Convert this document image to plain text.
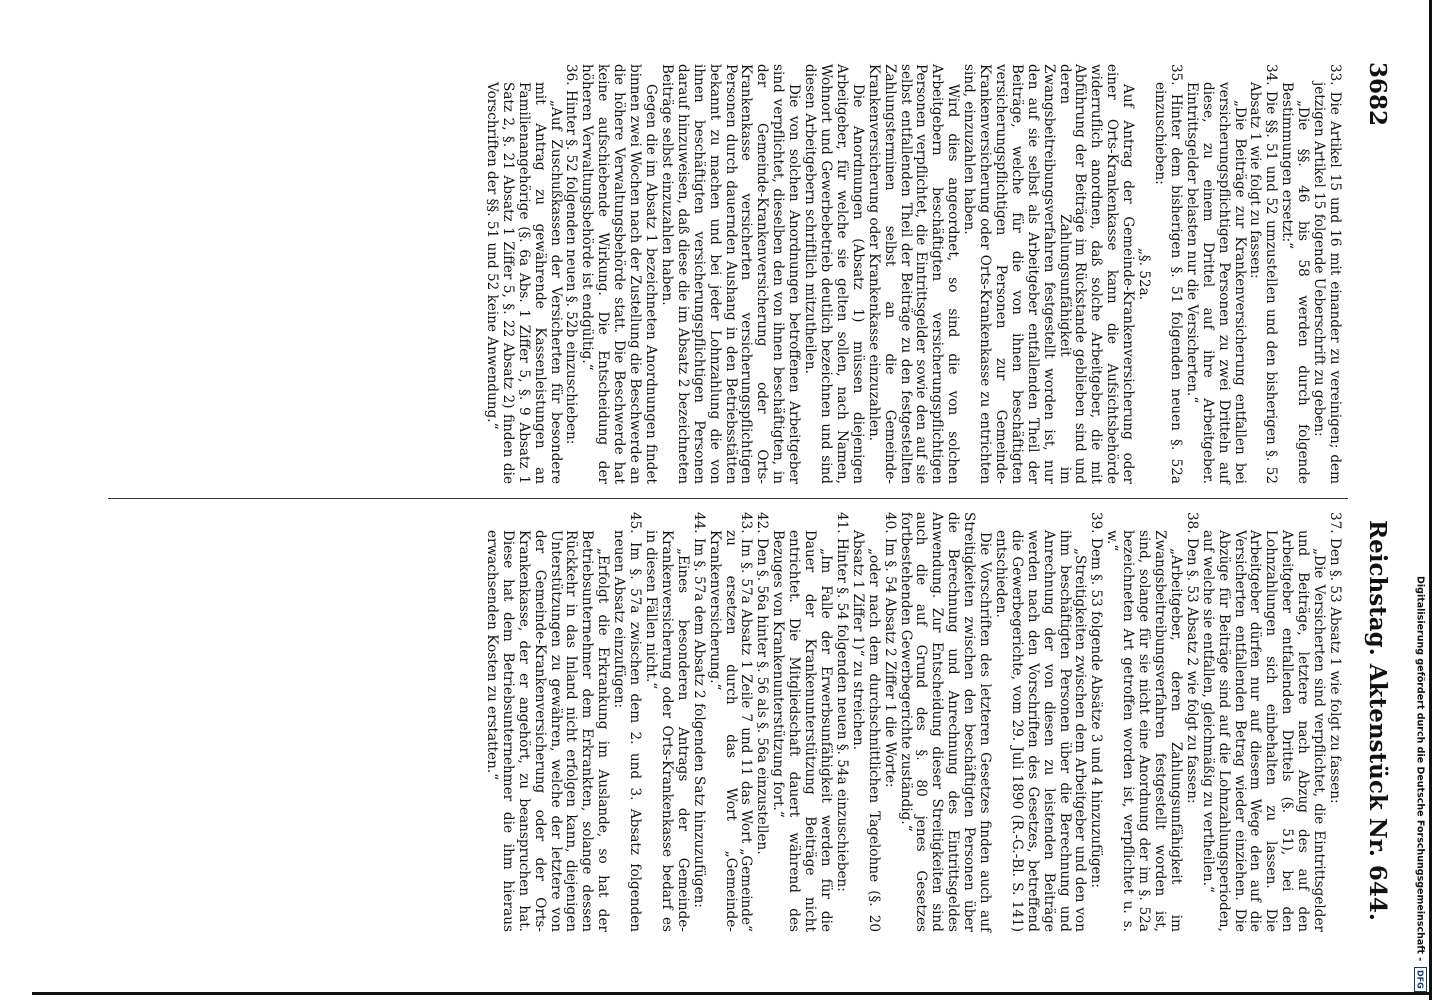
3682
Reichstag. Aktenstück Nr. 644.

33. Die Artikel 15 und 16 mit einander zu vereinigen; dem jetzigen Artikel 15 folgende Ueberschrift zu geben:

„Die §§. 46 bis 58 werden durch folgende Bestimmungen ersetzt:“

34. Die §§. 51 und 52 umzustellen und den bisherigen §. 52 Absatz 1 wie folgt zu fassen:

„Die Beiträge zur Krankenversicherung entfallen bei versicherungspflichtigen Personen zu zwei Dritteln auf diese, zu einem Drittel auf ihre Arbeitgeber. Eintrittsgelder belasten nur die Versicherten.“

35. Hinter dem bisherigen §. 51 folgenden neuen §. 52a einzuschieben:

„§. 52a.

Auf Antrag der Gemeinde-Krankenversicherung oder einer Orts-Krankenkasse kann die Aufsichtsbehörde widerruflich anordnen, daß solche Arbeitgeber, die mit Abführung der Beiträge im Rückstande geblieben sind und deren Zahlungsunfähigkeit im Zwangsbeitreibungsverfahren festgestellt worden ist, nur den auf sie selbst als Arbeitgeber entfallenden Theil der Beiträge, welche für die von ihnen beschäftigten versicherungspflichtigen Personen zur Gemeinde-Krankenversicherung oder Orts-Krankenkasse zu entrichten sind, einzuzahlen haben.

Wird dies angeordnet, so sind die von solchen Arbeitgebern beschäftigten versicherungspflichtigen Personen verpflichtet, die Eintrittsgelder sowie den auf sie selbst entfallenden Theil der Beiträge zu den festgestellten Zahlungsterminen selbst an die Gemeinde-Krankenversicherung oder Krankenkasse einzuzahlen.

Die Anordnungen (Absatz 1) müssen diejenigen Arbeitgeber, für welche sie gelten sollen, nach Namen, Wohnort und Gewerbebetrieb deutlich bezeichnen und sind diesen Arbeitgebern schriftlich mitzutheilen.

Die von solchen Anordnungen betroffenen Arbeitgeber sind verpflichtet, dieselben den von ihnen beschäftigten, in der Gemeinde-Krankenversicherung oder Orts-Krankenkasse versicherten versicherungspflichtigen Personen durch dauernden Aushang in den Betriebsstätten bekannt zu machen und bei jeder Lohnzahlung die von ihnen beschäftigten versicherungspflichtigen Personen darauf hinzuweisen, daß diese die im Absatz 2 bezeichneten Beiträge selbst einzuzahlen haben.

Gegen die im Absatz 1 bezeichneten Anordnungen findet binnen zwei Wochen nach der Zustellung die Beschwerde an die höhere Verwaltungsbehörde statt. Die Beschwerde hat keine aufschiebende Wirkung. Die Entscheidung der höheren Verwaltungsbehörde ist endgültig.“

36. Hinter §. 52 folgenden neuen §. 52b einzuschieben:

„Auf Zuschußkassen der Versicherten für besondere mit Antrag zu gewährende Kassenleistungen an Familienangehörige (§. 6a Abs. 1 Ziffer 5, §. 9 Absatz 1 Satz 2, §. 21 Absatz 1 Ziffer 5, §. 22 Absatz 2) finden die Vorschriften der §§. 51 und 52 keine Anwendung.“

37. Den §. 53 Absatz 1 wie folgt zu fassen:

„Die Versicherten sind verpflichtet, die Eintrittsgelder und Beiträge, letztere nach Abzug des auf den Arbeitgeber entfallenden Drittels (§. 51), bei den Lohnzahlungen sich einbehalten zu lassen. Die Arbeitgeber dürfen nur auf diesem Wege den auf die Versicherten entfallenden Betrag wieder einziehen. Die Abzüge für Beiträge sind auf die Lohnzahlungsperioden, auf welche sie entfallen, gleichmäßig zu vertheilen.“

38. Den §. 53 Absatz 2 wie folgt zu fassen:

„Arbeitgeber, deren Zahlungsunfähigkeit im Zwangsbeitreibungsverfahren festgestellt worden ist, sind, solange für sie nicht eine Anordnung der im §. 52a bezeichneten Art getroffen worden ist, verpflichtet u. s. w.“

39. Dem §. 53 folgende Absätze 3 und 4 hinzuzufügen:

„Streitigkeiten zwischen dem Arbeitgeber und den von ihm beschäftigten Personen über die Berechnung und Anrechnung der von diesen zu leistenden Beiträge werden nach den Vorschriften des Gesetzes, betreffend die Gewerbegerichte, vom 29. Juli 1890 (R.-G.-Bl. S. 141) entschieden.

Die Vorschriften des letzteren Gesetzes finden auch auf Streitigkeiten zwischen den beschäftigten Personen über die Berechnung und Anrechnung des Eintrittsgeldes Anwendung. Zur Entscheidung dieser Streitigkeiten sind auch die auf Grund des §. 80 jenes Gesetzes fortbestehenden Gewerbegerichte zuständig.“

40. Im §. 54 Absatz 2 Ziffer 1 die Worte:

„oder nach dem durchschnittlichen Tagelohne (§. 20 Absatz 1 Ziffer 1)“ zu streichen.

41. Hinter §. 54 folgenden neuen §. 54a einzuschieben:

„Im Falle der Erwerbsunfähigkeit werden für die Dauer der Krankenunterstützung Beiträge nicht entrichtet. Die Mitgliedschaft dauert während des Bezuges von Krankenunterstützung fort.“

42. Den §. 56a hinter §. 56 als §. 56a einzustellen.

43. Im §. 57a Absatz 1 Zeile 7 und 11 das Wort „Gemeinde“ zu ersetzen durch das Wort „Gemeinde-Krankenversicherung.“

44. Im §. 57a dem Absatz 2 folgenden Satz hinzuzufügen:

„Eines besonderen Antrags der Gemeinde-Krankenversicherung oder Orts-Krankenkasse bedarf es in diesen Fällen nicht.“

45. Im §. 57a zwischen dem 2. und 3. Absatz folgenden neuen Absatz einzufügen:

„Erfolgt die Erkrankung im Auslande, so hat der Betriebsunternehmer dem Erkrankten, solange dessen Rückkehr in das Inland nicht erfolgen kann, diejenigen Unterstützungen zu gewähren, welche der letztere von der Gemeinde-Krankenversicherung oder der Orts-Krankenkasse, der er angehört, zu beanspruchen hat. Diese hat dem Betriebsunternehmer die ihm hieraus erwachsenden Kosten zu erstatten.“	Digitalisierung gefördert durch die Deutsche Forschungsgemeinschaft -
DFG
